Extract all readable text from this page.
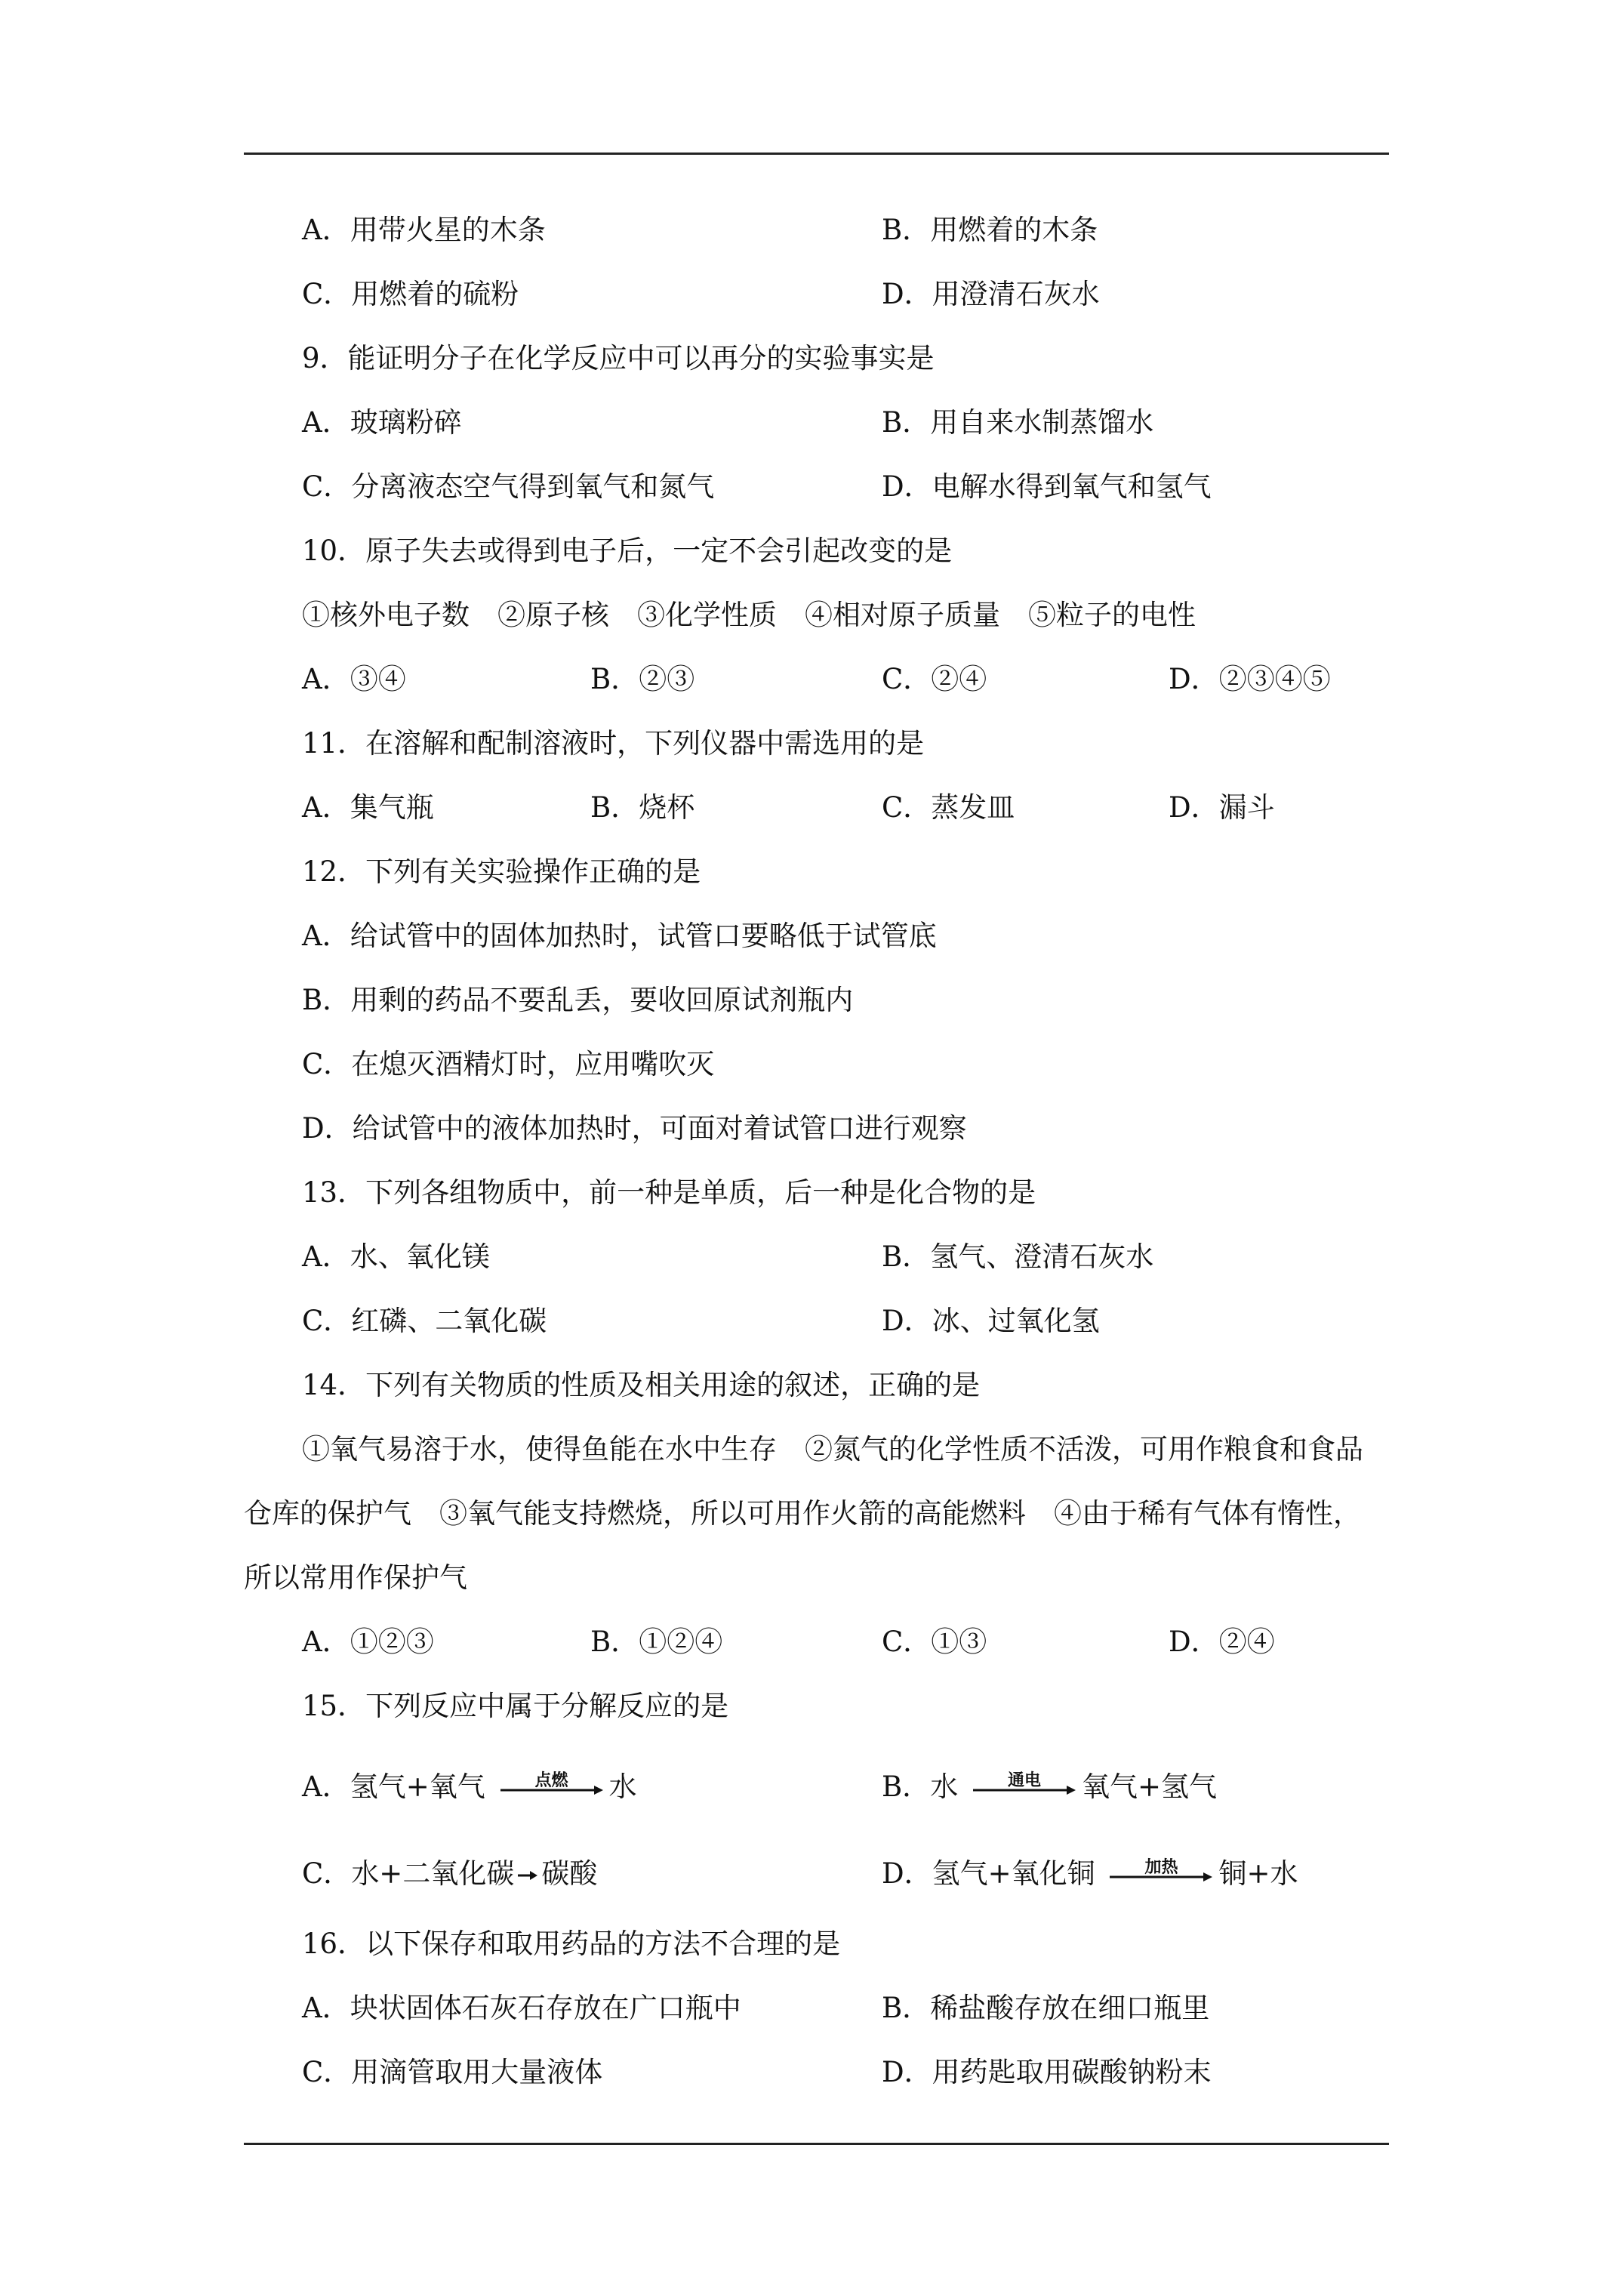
A．用带火星的木条	B．用燃着的木条
C．用燃着的硫粉	D．用澄清石灰水
9．能证明分子在化学反应中可以再分的实验事实是
A．玻璃粉碎	B．用自来水制蒸馏水
C．分离液态空气得到氧气和氮气	D．电解水得到氧气和氢气
10．原子失去或得到电子后，一定不会引起改变的是
①核外电子数　②原子核　③化学性质　④相对原子质量　⑤粒子的电性
A．③④	B．②③	C．②④	D．②③④⑤
11．在溶解和配制溶液时，下列仪器中需选用的是
A．集气瓶	B．烧杯	C．蒸发皿	D．漏斗
12．下列有关实验操作正确的是
A．给试管中的固体加热时，试管口要略低于试管底
B．用剩的药品不要乱丢，要收回原试剂瓶内
C．在熄灭酒精灯时，应用嘴吹灭
D．给试管中的液体加热时，可面对着试管口进行观察
13．下列各组物质中，前一种是单质，后一种是化合物的是
A．水、氧化镁	B．氢气、澄清石灰水
C．红磷、二氧化碳	D．冰、过氧化氢
14．下列有关物质的性质及相关用途的叙述，正确的是
①氧气易溶于水，使得鱼能在水中生存　②氮气的化学性质不活泼，可用作粮食和食品
仓库的保护气　③氧气能支持燃烧，所以可用作火箭的高能燃料　④由于稀有气体有惰性，
所以常用作保护气
A．①②③	B．①②④	C．①③	D．②④
15．下列反应中属于分解反应的是
A．氢气+氧气	点燃	水	B．水	通电	氧气+氢气
C．水+二氧化碳 碳酸	D．氢气+氧化铜	加热	铜+水
16．以下保存和取用药品的方法不合理的是
A．块状固体石灰石存放在广口瓶中	B．稀盐酸存放在细口瓶里
C．用滴管取用大量液体	D．用药匙取用碳酸钠粉末
